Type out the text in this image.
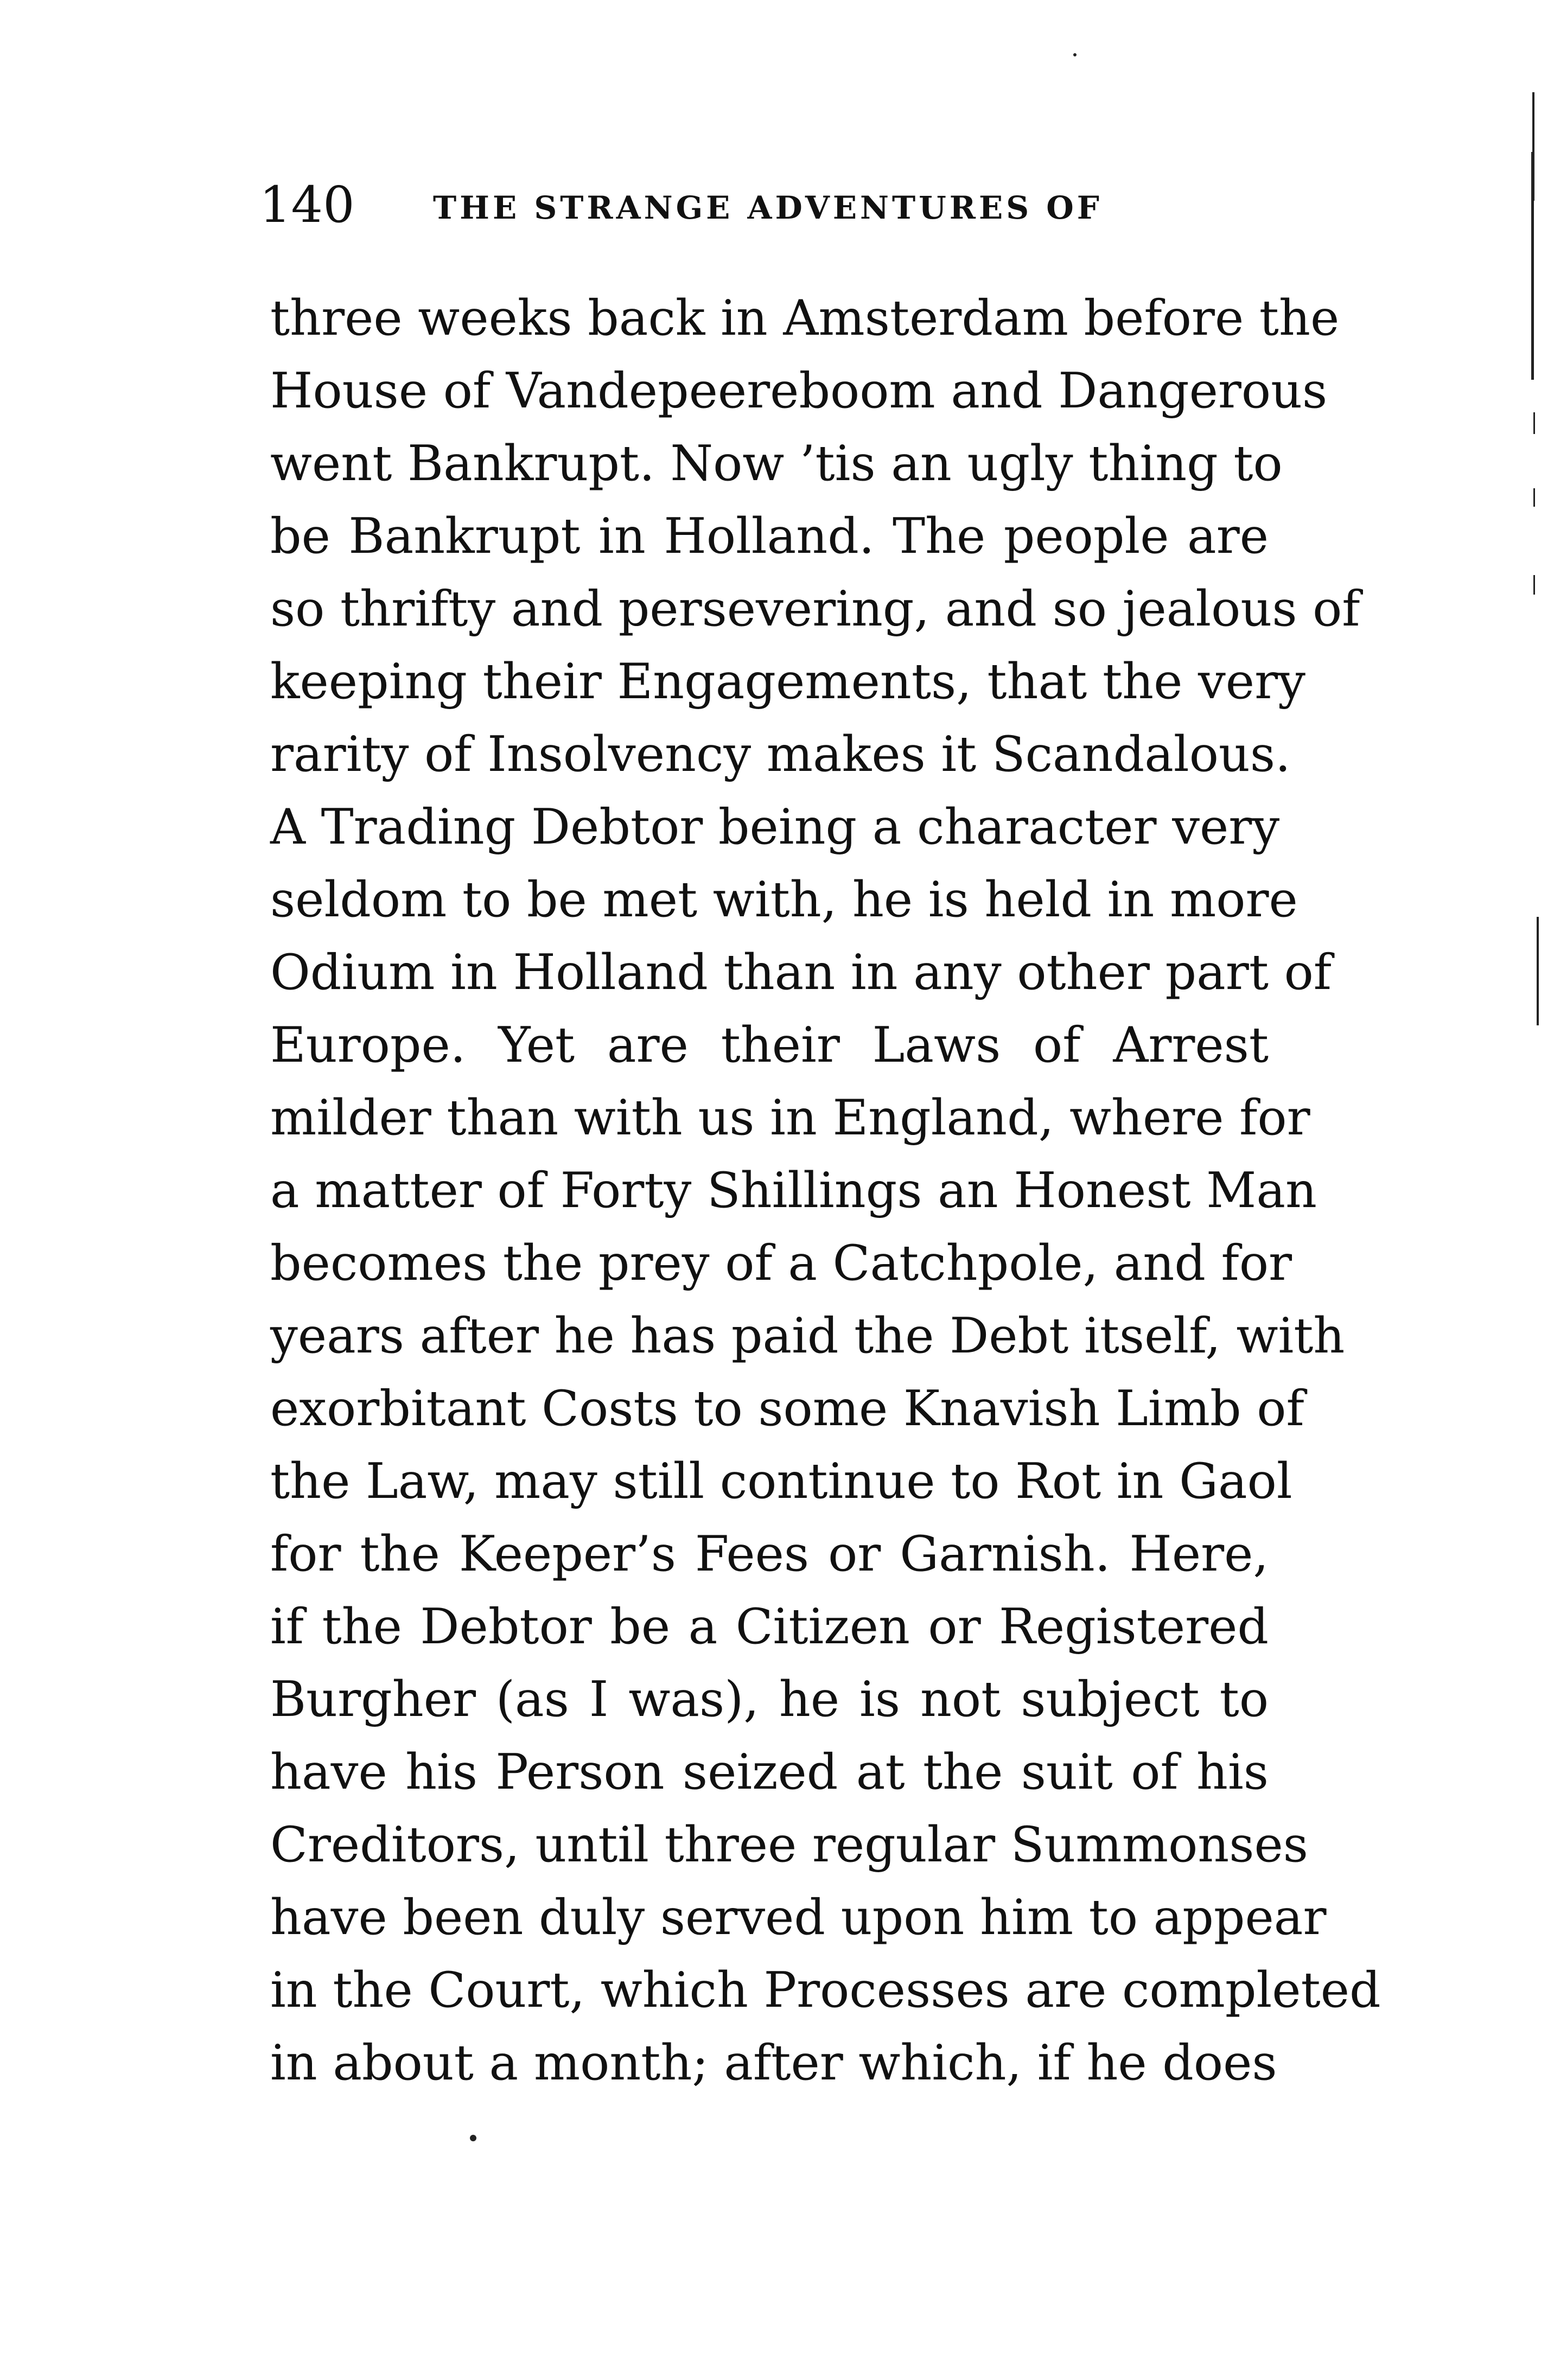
140 THE STRANGE ADVENTURES OF
three weeks back in Amsterdam before the
House of Vandepeereboom and Dangerous
went Bankrupt. Now ’tis an ugly thing to
be Bankrupt in Holland. The people are
so thrifty and persevering, and so jealous of
keeping their Engagements, that the very
rarity of Insolvency makes it Scandalous.
A Trading Debtor being a character very
seldom to be met with, he is held in more
Odium in Holland than in any other part of
Europe. Yet are their Laws of Arrest
milder than with us in England, where for
a matter of Forty Shillings an Honest Man
becomes the prey of a Catchpole, and for
years after he has paid the Debt itself, with
exorbitant Costs to some Knavish Limb of
the Law, may still continue to Rot in Gaol
for the Keeper’s Fees or Garnish. Here,
if the Debtor be a Citizen or Registered
Burgher (as I was), he is not subject to
have his Person seized at the suit of his
Creditors, until three regular Summonses
have been duly served upon him to appear
in the Court, which Processes are completed
in about a month; after which, if he does
